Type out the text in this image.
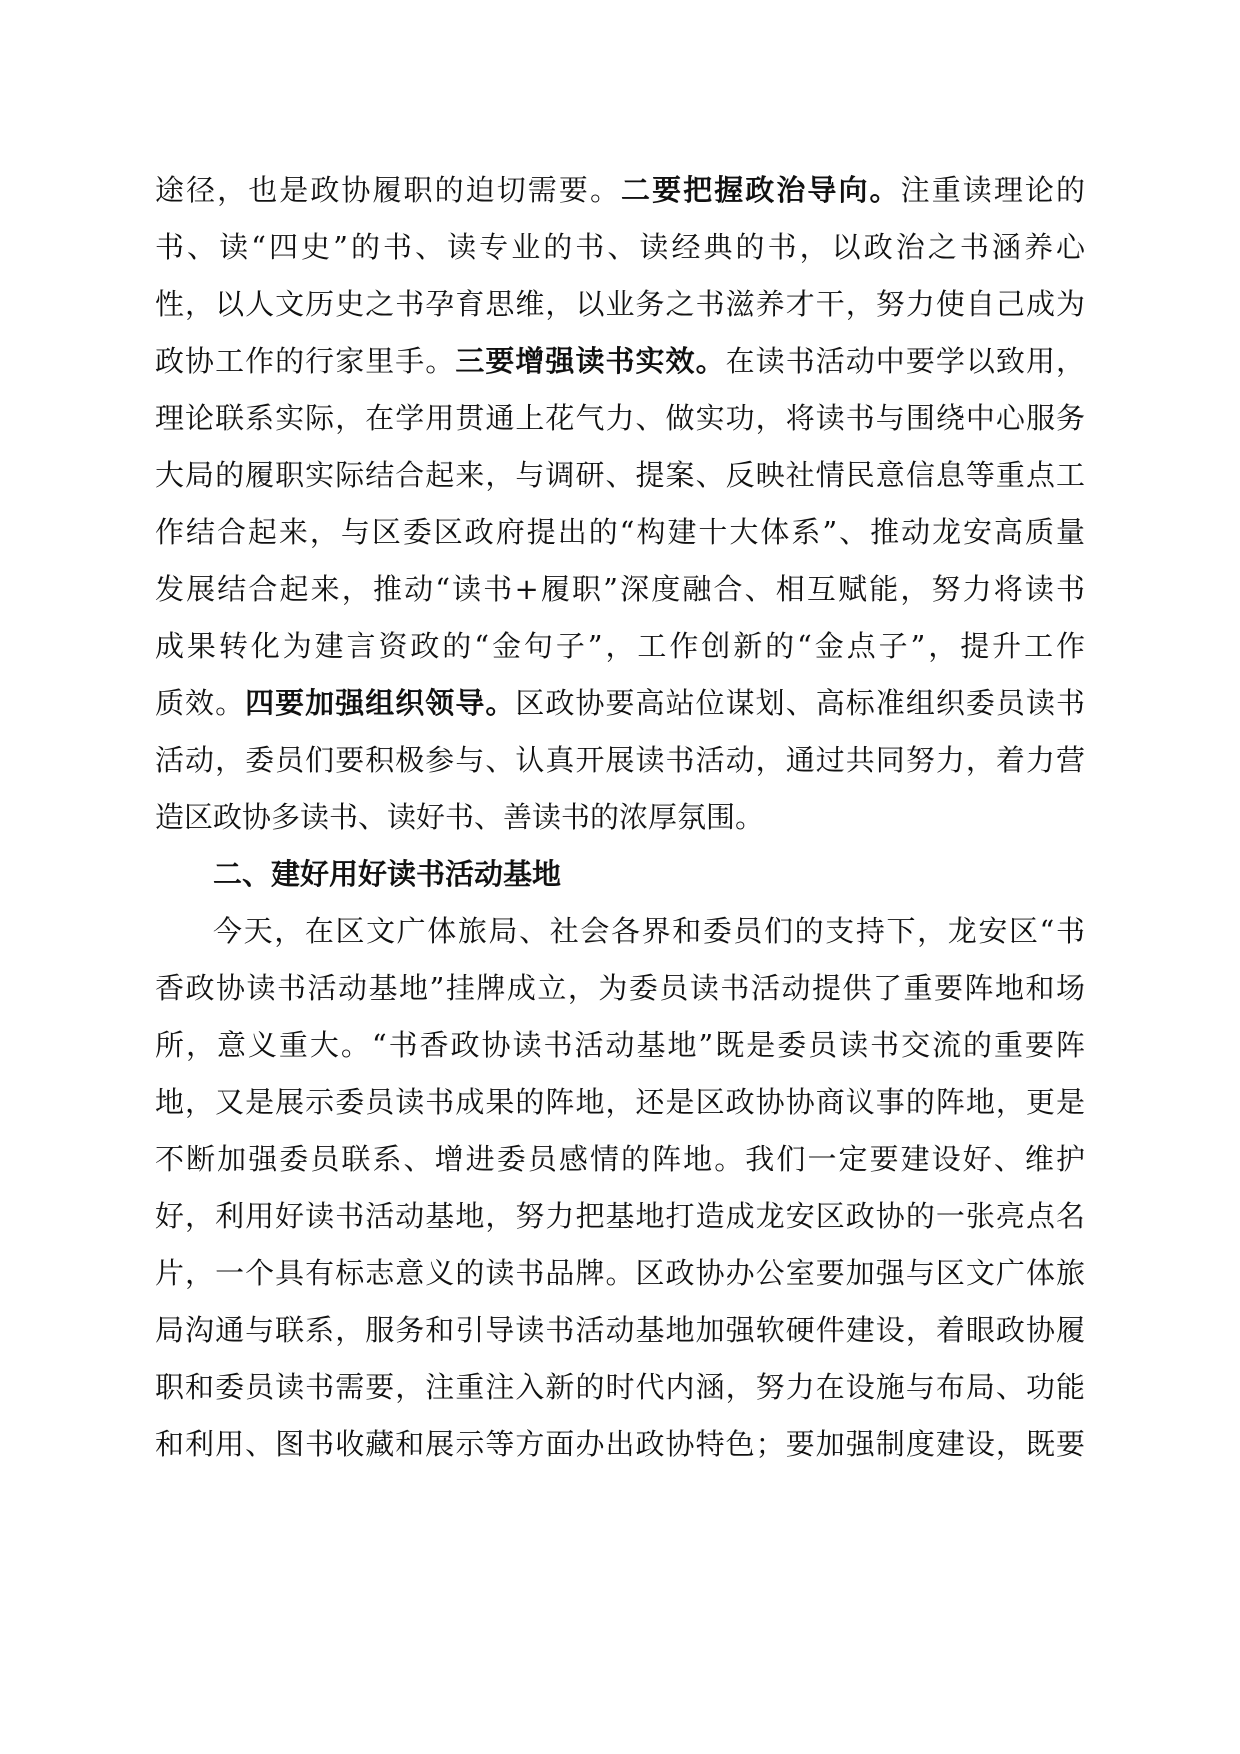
途径，也是政协履职的迫切需要。二要把握政治导向。注重读理论的
书、读“四史”的书、读专业的书、读经典的书，以政治之书涵养心
性，以人文历史之书孕育思维，以业务之书滋养才干，努力使自己成为
政协工作的行家里手。三要增强读书实效。在读书活动中要学以致用，
理论联系实际，在学用贯通上花气力、做实功，将读书与围绕中心服务
大局的履职实际结合起来，与调研、提案、反映社情民意信息等重点工
作结合起来，与区委区政府提出的“构建十大体系”、推动龙安高质量
发展结合起来，推动“读书+履职”深度融合、相互赋能，努力将读书
成果转化为建言资政的“金句子”，工作创新的“金点子”，提升工作
质效。四要加强组织领导。区政协要高站位谋划、高标准组织委员读书
活动，委员们要积极参与、认真开展读书活动，通过共同努力，着力营
造区政协多读书、读好书、善读书的浓厚氛围。
二、建好用好读书活动基地
今天，在区文广体旅局、社会各界和委员们的支持下，龙安区“书
香政协读书活动基地”挂牌成立，为委员读书活动提供了重要阵地和场
所，意义重大。“书香政协读书活动基地”既是委员读书交流的重要阵
地，又是展示委员读书成果的阵地，还是区政协协商议事的阵地，更是
不断加强委员联系、增进委员感情的阵地。我们一定要建设好、维护
好，利用好读书活动基地，努力把基地打造成龙安区政协的一张亮点名
片，一个具有标志意义的读书品牌。区政协办公室要加强与区文广体旅
局沟通与联系，服务和引导读书活动基地加强软硬件建设，着眼政协履
职和委员读书需要，注重注入新的时代内涵，努力在设施与布局、功能
和利用、图书收藏和展示等方面办出政协特色；要加强制度建设，既要
